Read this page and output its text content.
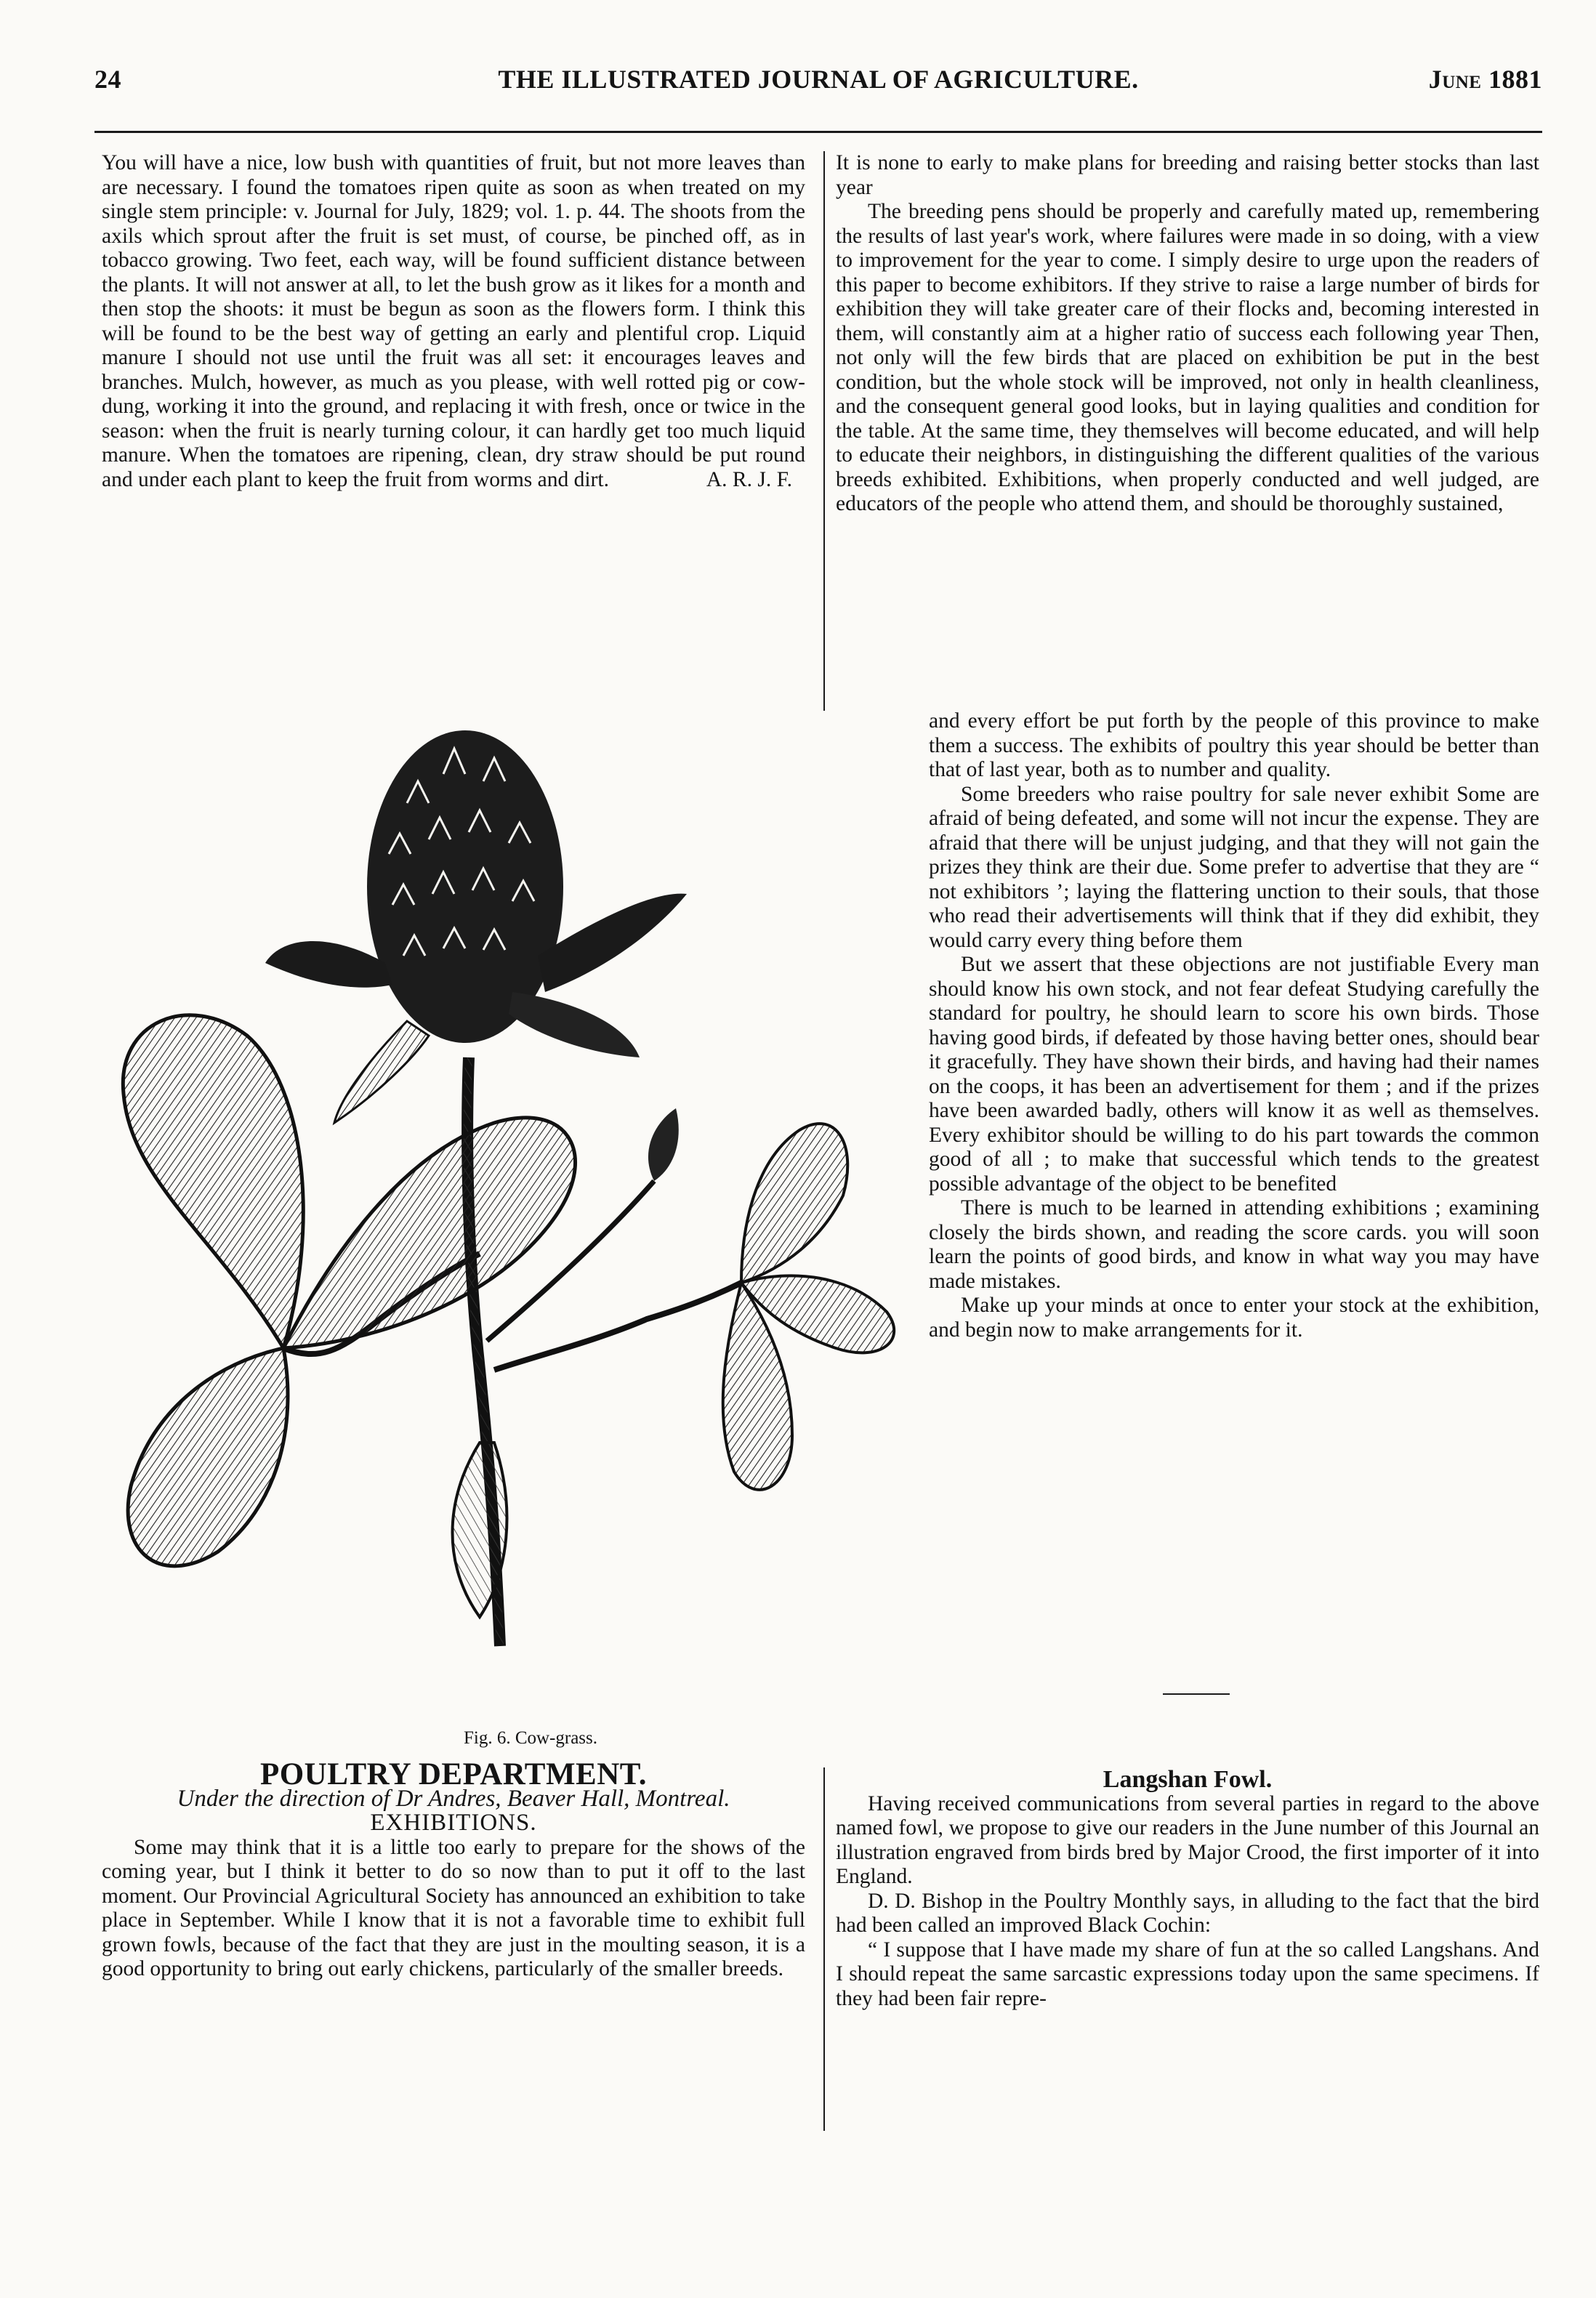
24	THE ILLUSTRATED JOURNAL OF AGRICULTURE.	June 1881

You will have a nice, low bush with quantities of fruit, but not more leaves than are necessary. I found the tomatoes ripen quite as soon as when treated on my single stem principle: v. Journal for July, 1829; vol. 1. p. 44. The shoots from the axils which sprout after the fruit is set must, of course, be pinched off, as in tobacco growing. Two feet, each way, will be found sufficient distance between the plants. It will not answer at all, to let the bush grow as it likes for a month and then stop the shoots: it must be begun as soon as the flowers form. I think this will be found to be the best way of getting an early and plentiful crop. Liquid manure I should not use until the fruit was all set: it encourages leaves and branches. Mulch, however, as much as you please, with well rotted pig or cow-dung, working it into the ground, and replacing it with fresh, once or twice in the season: when the fruit is nearly turning colour, it can hardly get too much liquid manure. When the tomatoes are ripening, clean, dry straw should be put round and under each plant to keep the fruit from worms and dirt.	A. R. J. F.

It is none to early to make plans for breeding and raising better stocks than last year

The breeding pens should be properly and carefully mated up, remembering the results of last year's work, where failures were made in so doing, with a view to improvement for the year to come. I simply desire to urge upon the readers of this paper to become exhibitors. If they strive to raise a large number of birds for exhibition they will take greater care of their flocks and, becoming interested in them, will constantly aim at a higher ratio of success each following year Then, not only will the few birds that are placed on exhibition be put in the best condition, but the whole stock will be improved, not only in health cleanliness, and the consequent general good looks, but in laying qualities and condition for the table. At the same time, they themselves will become educated, and will help to educate their neighbors, in distinguishing the different qualities of the various breeds exhibited. Exhibitions, when properly conducted and well judged, are educators of the people who attend them, and should be thoroughly sustained,

and every effort be put forth by the people of this province to make them a success. The exhibits of poultry this year should be better than that of last year, both as to number and quality.

Some breeders who raise poultry for sale never exhibit Some are afraid of being defeated, and some will not incur the expense. They are afraid that there will be unjust judging, and that they will not gain the prizes they think are their due. Some prefer to advertise that they are “ not exhibitors ’; laying the flattering unction to their souls, that those who read their advertisements will think that if they did exhibit, they would carry every thing before them

But we assert that these objections are not justifiable Every man should know his own stock, and not fear defeat Studying carefully the standard for poultry, he should learn to score his own birds. Those having good birds, if defeated by those having better ones, should bear it gracefully. They have shown their birds, and having had their names on the coops, it has been an advertisement for them ; and if the prizes have been awarded badly, others will know it as well as themselves. Every exhibitor should be willing to do his part towards the common good of all ; to make that successful which tends to the greatest possible advantage of the object to be benefited

There is much to be learned in attending exhibitions ; examining closely the birds shown, and reading the score cards. you will soon learn the points of good birds, and know in what way you may have made mistakes.

Make up your minds at once to enter your stock at the exhibition, and begin now to make arrangements for it.

Fig. 6. Cow-grass.

POULTRY DEPARTMENT.

Under the direction of Dr Andres, Beaver Hall, Montreal.

EXHIBITIONS.

Some may think that it is a little too early to prepare for the shows of the coming year, but I think it better to do so now than to put it off to the last moment. Our Provincial Agricultural Society has announced an exhibition to take place in September. While I know that it is not a favorable time to exhibit full grown fowls, because of the fact that they are just in the moulting season, it is a good opportunity to bring out early chickens, particularly of the smaller breeds.

Langshan Fowl.

Having received communications from several parties in regard to the above named fowl, we propose to give our readers in the June number of this Journal an illustration engraved from birds bred by Major Crood, the first importer of it into England.

D. D. Bishop in the Poultry Monthly says, in alluding to the fact that the bird had been called an improved Black Cochin:

“ I suppose that I have made my share of fun at the so called Langshans. And I should repeat the same sarcastic expressions today upon the same specimens. If they had been fair repre-
